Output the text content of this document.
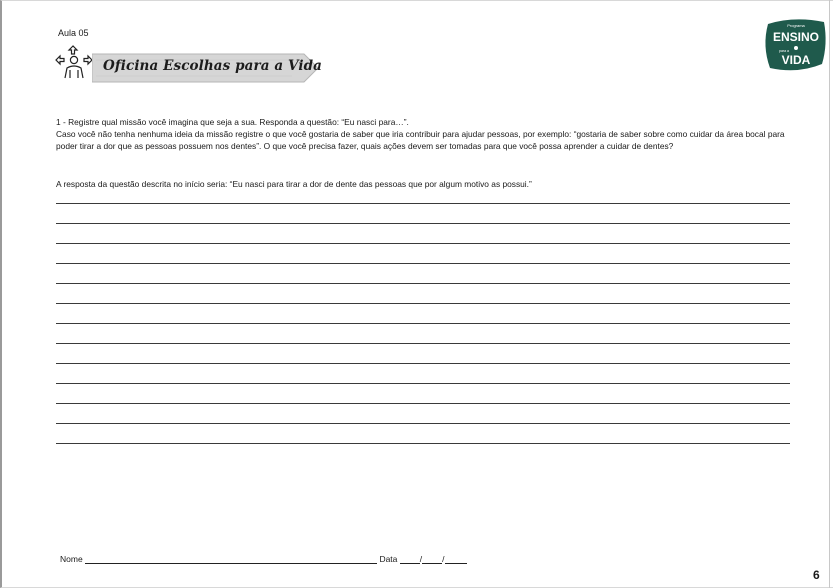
Aula 05
Oficina Escolhas para a Vida
Programa
ENSINO
para a
VIDA

1 - Registre qual missão você imagina que seja a sua. Responda a questão: “Eu nasci para…”.

Caso você não tenha nenhuma ideia da missão registre o que você gostaria de saber que iria contribuir para ajudar pessoas, por exemplo: “gostaria de saber sobre como cuidar da área bocal para poder tirar a dor que as pessoas possuem nos dentes”. O que você precisa fazer, quais ações devem ser tomadas para que você possa aprender a cuidar de dentes?

A resposta da questão descrita no início seria: “Eu nasci para tirar a dor de dente das pessoas que por algum motivo as possui.”
Nome	Data	/ /
6
